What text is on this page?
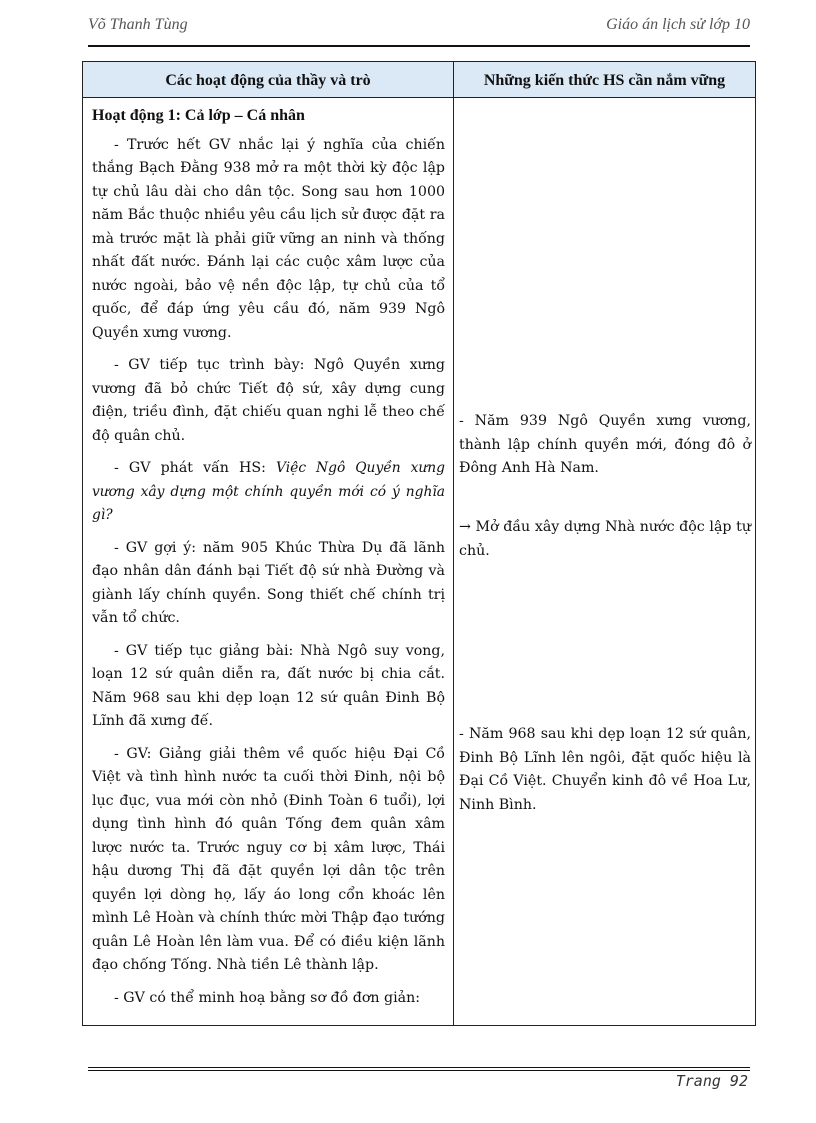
Võ Thanh Tùng	Giáo án lịch sử lớp 10
Các hoạt động của thầy và trò	Những kiến thức HS cần nắm vững

Hoạt động 1: Cả lớp – Cá nhân

- Trước hết GV nhắc lại ý nghĩa của chiến thắng Bạch Đằng 938 mở ra một thời kỳ độc lập tự chủ lâu dài cho dân tộc. Song sau hơn 1000 năm Bắc thuộc nhiều yêu cầu lịch sử được đặt ra mà trước mặt là phải giữ vững an ninh và thống nhất đất nước. Đánh lại các cuộc xâm lược của nước ngoài, bảo vệ nền độc lập, tự chủ của tổ quốc, để đáp ứng yêu cầu đó, năm 939 Ngô Quyền xưng vương.

- GV tiếp tục trình bày: Ngô Quyền xưng vương đã bỏ chức Tiết độ sứ, xây dựng cung điện, triều đình, đặt chiếu quan nghi lễ theo chế độ quân chủ.

- GV phát vấn HS: Việc Ngô Quyền xưng vương xây dựng một chính quyền mới có ý nghĩa gì?

- GV gợi ý: năm 905 Khúc Thừa Dụ đã lãnh đạo nhân dân đánh bại Tiết độ sứ nhà Đường và giành lấy chính quyền. Song thiết chế chính trị vẫn tổ chức.

- GV tiếp tục giảng bài: Nhà Ngô suy vong, loạn 12 sứ quân diễn ra, đất nước bị chia cắt. Năm 968 sau khi dẹp loạn 12 sứ quân Đinh Bộ Lĩnh đã xưng đế.

- GV: Giảng giải thêm về quốc hiệu Đại Cồ Việt và tình hình nước ta cuối thời Đinh, nội bộ lục đục, vua mới còn nhỏ (Đinh Toàn 6 tuổi), lợi dụng tình hình đó quân Tống đem quân xâm lược nước ta. Trước nguy cơ bị xâm lược, Thái hậu dương Thị đã đặt quyền lợi dân tộc trên quyền lợi dòng họ, lấy áo long cổn khoác lên mình Lê Hoàn và chính thức mời Thập đạo tướng quân Lê Hoàn lên làm vua. Để có điều kiện lãnh đạo chống Tống. Nhà tiền Lê thành lập.

- GV có thể minh hoạ bằng sơ đồ đơn giản:

- Năm 939 Ngô Quyền xưng vương, thành lập chính quyền mới, đóng đô ở Đông Anh Hà Nam.

→ Mở đầu xây dựng Nhà nước độc lập tự chủ.

- Năm 968 sau khi dẹp loạn 12 sứ quân, Đinh Bộ Lĩnh lên ngôi, đặt quốc hiệu là Đại Cồ Việt. Chuyển kinh đô về Hoa Lư, Ninh Bình.

Trang 92
